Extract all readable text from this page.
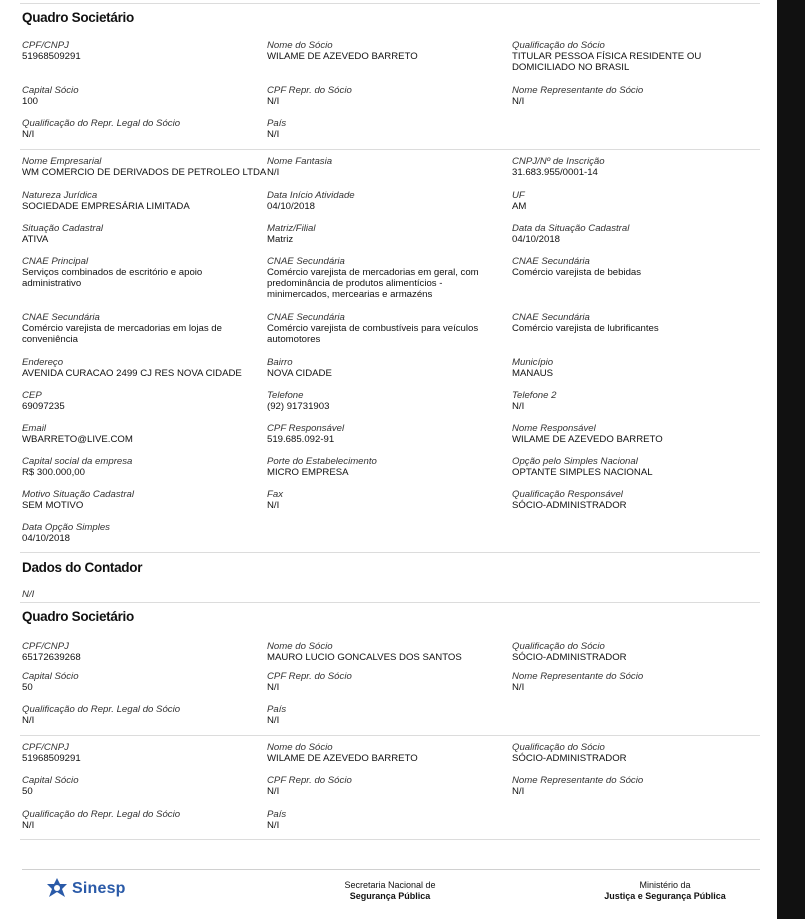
Quadro Societário
CPF/CNPJ
51968509291
Nome do Sócio
WILAME DE AZEVEDO BARRETO
Qualificação do Sócio
TITULAR PESSOA FÍSICA RESIDENTE OU DOMICILIADO NO BRASIL
Capital Sócio
100
CPF Repr. do Sócio
N/I
Nome Representante do Sócio
N/I
Qualificação do Repr. Legal do Sócio
N/I
País
N/I
Nome Empresarial
WM COMERCIO DE DERIVADOS DE PETROLEO LTDA
Nome Fantasia
N/I
CNPJ/Nº de Inscrição
31.683.955/0001-14
Natureza Jurídica
SOCIEDADE EMPRESÁRIA LIMITADA
Data Início Atividade
04/10/2018
UF
AM
Situação Cadastral
ATIVA
Matriz/Filial
Matriz
Data da Situação Cadastral
04/10/2018
CNAE Principal
Serviços combinados de escritório e apoio administrativo
CNAE Secundária
Comércio varejista de mercadorias em geral, com predominância de produtos alimentícios - minimercados, mercearias e armazéns
CNAE Secundária
Comércio varejista de bebidas
CNAE Secundária
Comércio varejista de mercadorias em lojas de conveniência
CNAE Secundária
Comércio varejista de combustíveis para veículos automotores
CNAE Secundária
Comércio varejista de lubrificantes
Endereço
AVENIDA CURACAO 2499 CJ RES NOVA CIDADE
Bairro
NOVA CIDADE
Município
MANAUS
CEP
69097235
Telefone
(92) 91731903
Telefone 2
N/I
Email
WBARRETO@LIVE.COM
CPF Responsável
519.685.092-91
Nome Responsável
WILAME DE AZEVEDO BARRETO
Capital social da empresa
R$ 300.000,00
Porte do Estabelecimento
MICRO EMPRESA
Opção pelo Simples Nacional
OPTANTE SIMPLES NACIONAL
Motivo Situação Cadastral
SEM MOTIVO
Fax
N/I
Qualificação Responsável
SÓCIO-ADMINISTRADOR
Data Opção Simples
04/10/2018
Dados do Contador
N/I
Quadro Societário
CPF/CNPJ
65172639268
Nome do Sócio
MAURO LUCIO GONCALVES DOS SANTOS
Qualificação do Sócio
SÓCIO-ADMINISTRADOR
Capital Sócio
50
CPF Repr. do Sócio
N/I
Nome Representante do Sócio
N/I
Qualificação do Repr. Legal do Sócio
N/I
País
N/I
CPF/CNPJ
51968509291
Nome do Sócio
WILAME DE AZEVEDO BARRETO
Qualificação do Sócio
SÓCIO-ADMINISTRADOR
Capital Sócio
50
CPF Repr. do Sócio
N/I
Nome Representante do Sócio
N/I
Qualificação do Repr. Legal do Sócio
N/I
País
N/I
Sinesp	Secretaria Nacional de
Segurança Pública
Ministério da
Justiça e Segurança Pública
